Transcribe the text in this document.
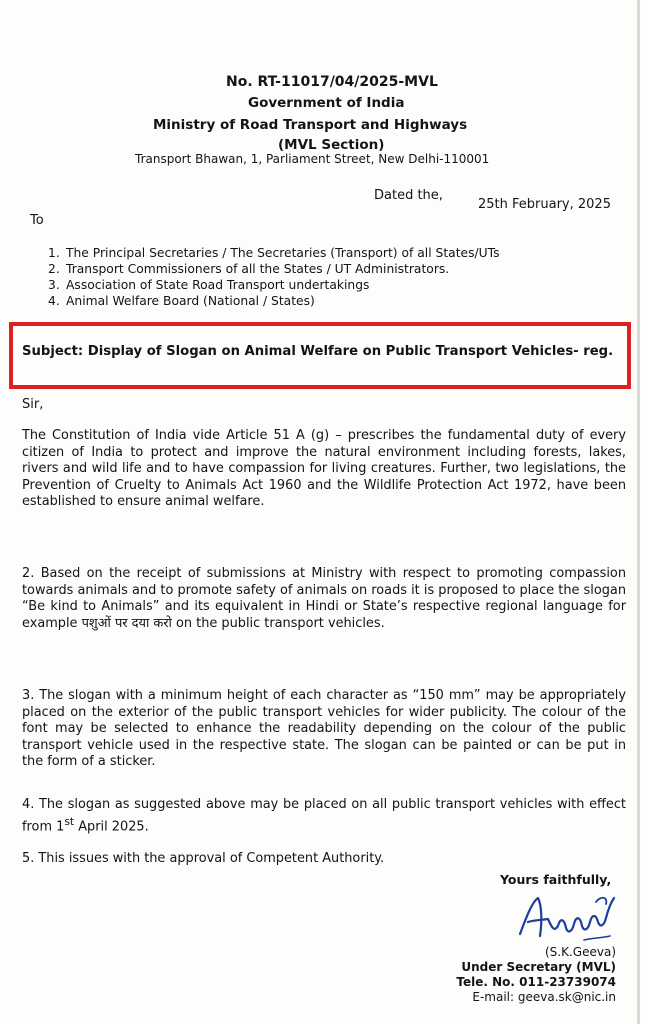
No. RT-11017/04/2025-MVL
Government of India
Ministry of Road Transport and Highways
(MVL Section)
Transport Bhawan, 1, Parliament Street, New Delhi-110001
Dated the,
25th February, 2025
To
1. The Principal Secretaries / The Secretaries (Transport) of all States/UTs
2. Transport Commissioners of all the States / UT Administrators.
3. Association of State Road Transport undertakings
4. Animal Welfare Board (National / States)
Subject: Display of Slogan on Animal Welfare on Public Transport Vehicles- reg.
Sir,
The Constitution of India vide Article 51 A (g) – prescribes the fundamental duty of every citizen of India to protect and improve the natural environment including forests, lakes, rivers and wild life and to have compassion for living creatures. Further, two legislations, the Prevention of Cruelty to Animals Act 1960 and the Wildlife Protection Act 1972, have been established to ensure animal welfare.
2. Based on the receipt of submissions at Ministry with respect to promoting compassion towards animals and to promote safety of animals on roads it is proposed to place the slogan “Be kind to Animals” and its equivalent in Hindi or State’s respective regional language for example पशुओं पर दया करो on the public transport vehicles.
3. The slogan with a minimum height of each character as “150 mm” may be appropriately placed on the exterior of the public transport vehicles for wider publicity. The colour of the font may be selected to enhance the readability depending on the colour of the public transport vehicle used in the respective state. The slogan can be painted or can be put in the form of a sticker.
4. The slogan as suggested above may be placed on all public transport vehicles with effect from 1st April 2025.
5. This issues with the approval of Competent Authority.
Yours faithfully,
(S.K.Geeva)
Under Secretary (MVL)
Tele. No. 011-23739074
E-mail: geeva.sk@nic.in
